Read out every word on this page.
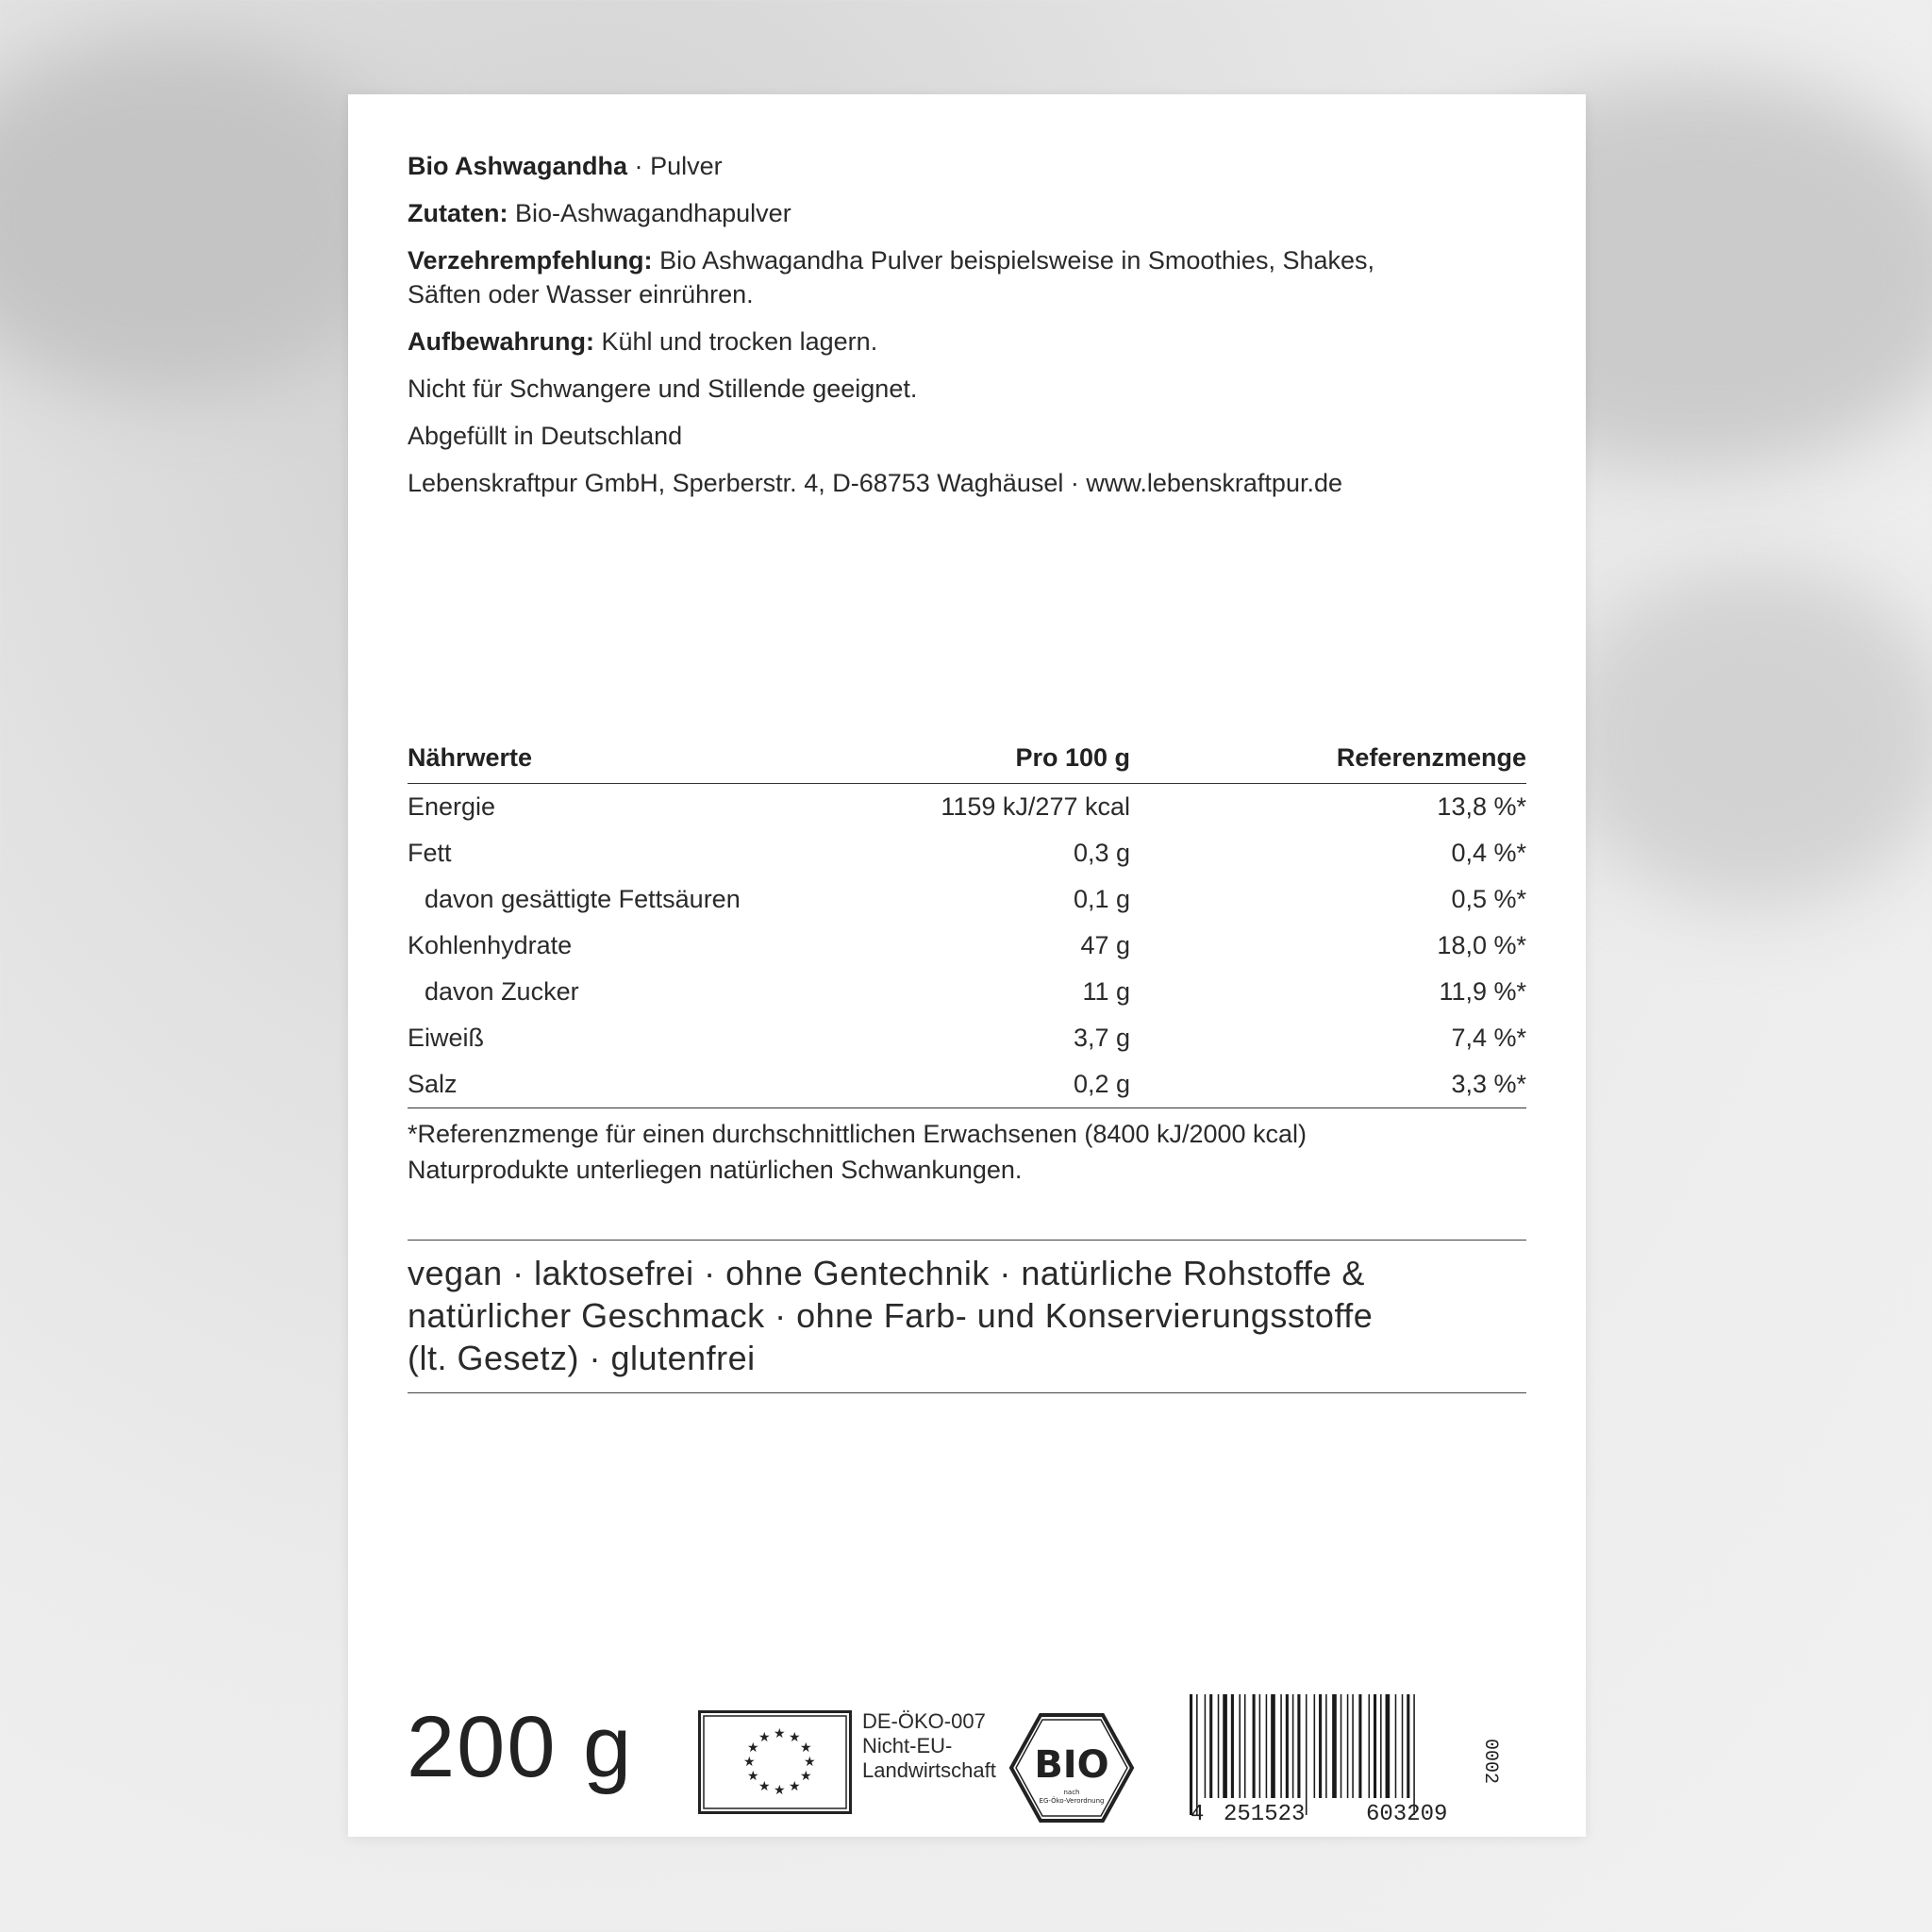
Bio Ashwagandha · Pulver

Zutaten: Bio-Ashwagandhapulver

Verzehrempfehlung: Bio Ashwagandha Pulver beispielsweise in Smoothies, Shakes,
Säften oder Wasser einrühren.

Aufbewahrung: Kühl und trocken lagern.

Nicht für Schwangere und Stillende geeignet.

Abgefüllt in Deutschland

Lebenskraftpur GmbH, Sperberstr. 4, D-68753 Waghäusel · www.lebenskraftpur.de

Nährwerte	Pro 100 g	Referenzmenge
Energie	1159 kJ/277 kcal	13,8 %*
Fett	0,3 g	0,4 %*
davon gesättigte Fettsäuren	0,1 g	0,5 %*
Kohlenhydrate	47 g	18,0 %*
davon Zucker	11 g	11,9 %*
Eiweiß	3,7 g	7,4 %*
Salz	0,2 g	3,3 %*
*Referenzmenge für einen durchschnittlichen Erwachsenen (8400 kJ/2000 kcal)
Naturprodukte unterliegen natürlichen Schwankungen.
vegan · laktosefrei · ohne Gentechnik · natürliche Rohstoffe &
natürlicher Geschmack · ohne Farb- und Konservierungsstoffe
(lt. Gesetz) · glutenfrei
200 g	★ ★ ★
★
★
★
★
★
★
★
★
★
DE-ÖKO-007
Nicht-EU-
Landwirtschaft BIO
nach
EG-Öko-Verordnung
4 251523	603209
0002
